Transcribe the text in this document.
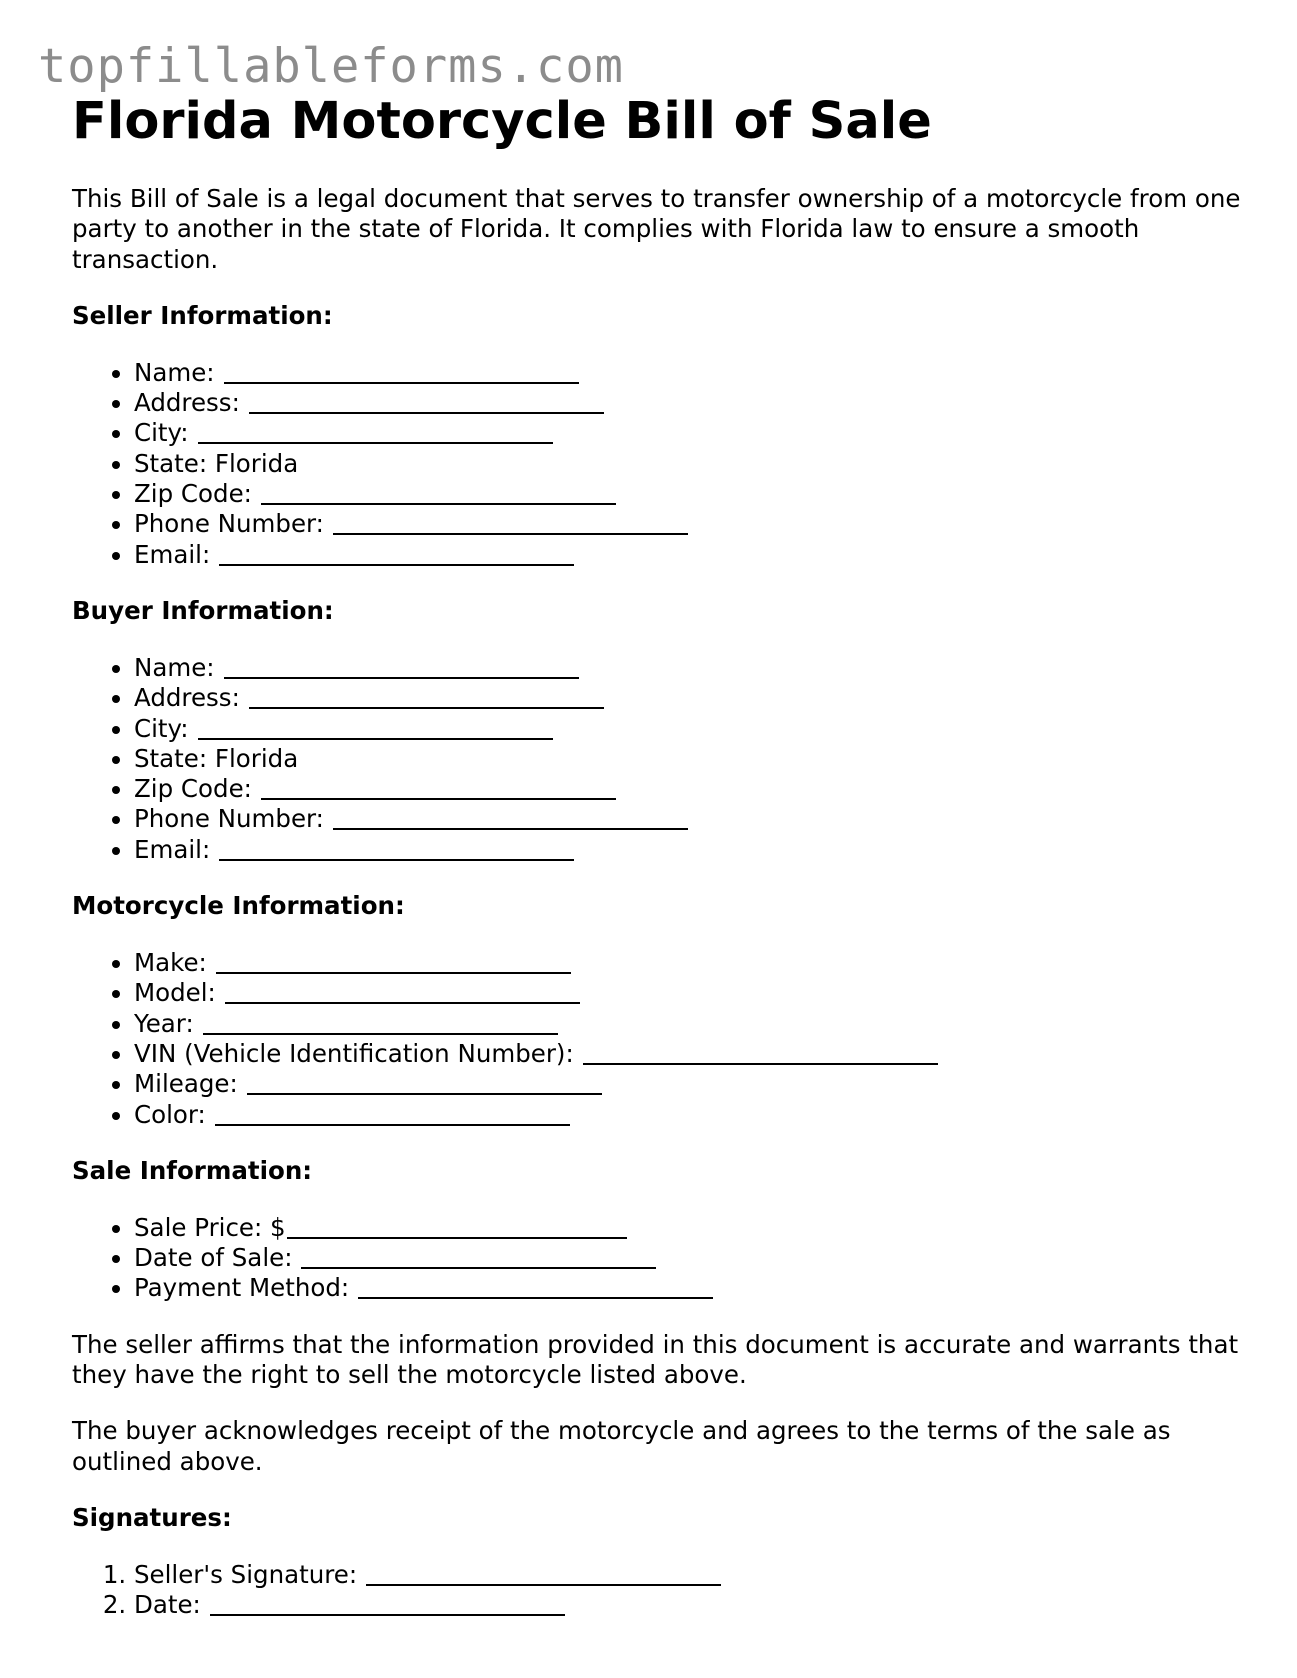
topfillableforms.com
Florida Motorcycle Bill of Sale

This Bill of Sale is a legal document that serves to transfer ownership of a motorcycle from one party to another in the state of Florida. It complies with Florida law to ensure a smooth transaction.

Seller Information:
• Name:
• Address:
• City:
• State: Florida
• Zip Code:
• Phone Number:
• Email:
Buyer Information:
• Name:
• Address:
• City:
• State: Florida
• Zip Code:
• Phone Number:
• Email:
Motorcycle Information:
• Make:
• Model:
• Year:
• VIN (Vehicle Identification Number):
• Mileage:
• Color:
Sale Information:
• Sale Price: $
• Date of Sale:
• Payment Method:

The seller affirms that the information provided in this document is accurate and warrants that they have the right to sell the motorcycle listed above.

The buyer acknowledges receipt of the motorcycle and agrees to the terms of the sale as outlined above.

Signatures:
1. Seller's Signature:
2. Date:
